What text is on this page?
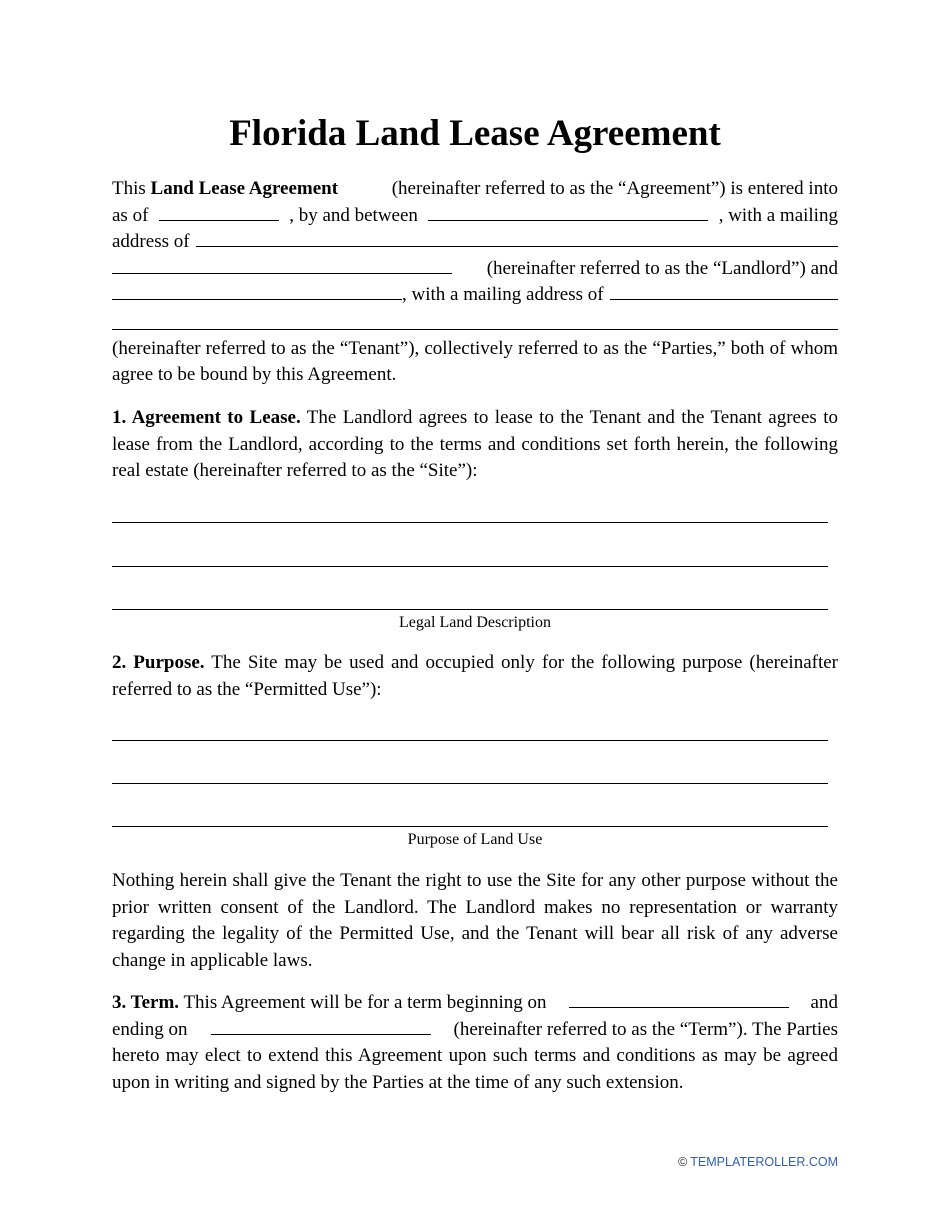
Florida Land Lease Agreement
This Land Lease Agreement	(hereinafter referred to as the “Agreement”) is entered into
as of	, by and between	, with a mailing
address of
(hereinafter referred to as the “Landlord”) and
, with a mailing address of

(hereinafter referred to as the “Tenant”), collectively referred to as the “Parties,” both of whom agree to be bound by this Agreement.

1. Agreement to Lease. The Landlord agrees to lease to the Tenant and the Tenant agrees to lease from the Landlord, according to the terms and conditions set forth herein, the following real estate (hereinafter referred to as the “Site”):

Legal Land Description

2. Purpose. The Site may be used and occupied only for the following purpose (hereinafter referred to as the “Permitted Use”):

Purpose of Land Use

Nothing herein shall give the Tenant the right to use the Site for any other purpose without the prior written consent of the Landlord. The Landlord makes no representation or warranty regarding the legality of the Permitted Use, and the Tenant will bear all risk of any adverse change in applicable laws.

3. Term. This Agreement will be for a term beginning on	and
ending on	(hereinafter referred to as the “Term”). The Parties

hereto may elect to extend this Agreement upon such terms and conditions as may be agreed upon in writing and signed by the Parties at the time of any such extension.

© TEMPLATEROLLER.COM
